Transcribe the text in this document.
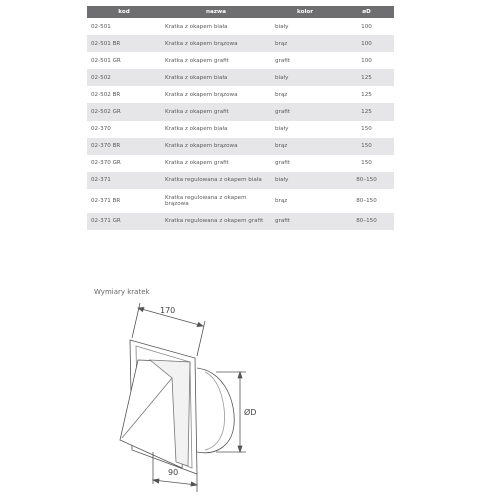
kod	nazwa	kolor	øD
02-501	Kratka z okapem biała	biały	100
02-501 BR	Kratka z okapem brązowa	brąz	100
02-501 GR	Kratka z okapem grafit	grafit	100
02-502	Kratka z okapem biała	biały	125
02-502 BR	Kratka z okapem brązowa	brąz	125
02-502 GR	Kratka z okapem grafit	grafit	125
02-370	Kratka z okapem biała	biały	150
02-370 BR	Kratka z okapem brązowa	brąz	150
02-370 GR	Kratka z okapem grafit	grafit	150
02-371	Kratka regulowana z okapem biała	biały	80–150
02-371 BR	Kratka regulowana z okapem brązowa	brąz	80–150
02-371 GR	Kratka regulowana z okapem grafit	grafit	80–150
Wymiary kratek
170
ØD
90
